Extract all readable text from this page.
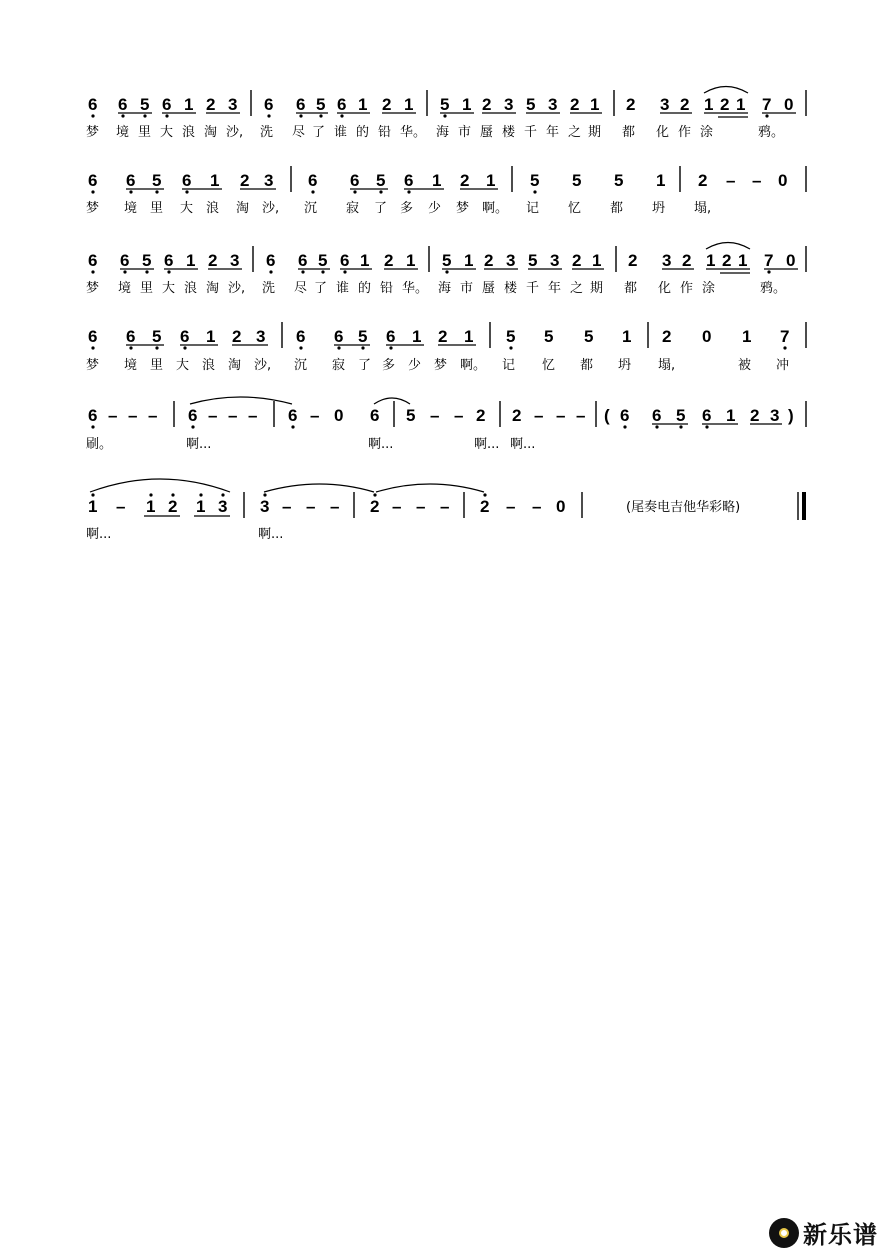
6 6 5 6 1 2 3 6 6 5 6 1 2 1 5 1 2 3 5 3 2 1 2 3 2 1 2 1 7 0
梦 境 里 大 浪 淘 沙, 洗 尽 了 谁 的 铅 华。 海 市 蜃 楼 千 年 之 期 都 化 作 涂	鸦。
6 6 5 6 1 2 3 6 6 5 6 1 2 1 5 5 5 1 2 – – 0
梦 境 里 大 浪 淘 沙, 沉 寂 了 多 少 梦 啊。 记 忆 都 坍 塌,
6 6 5 6 1 2 3 6 6 5 6 1 2 1 5 1 2 3 5 3 2 1 2 3 2 1 2 1 7 0
梦 境 里 大 浪 淘 沙, 洗 尽 了 谁 的 铅 华。 海 市 蜃 楼 千 年 之 期 都 化 作 涂	鸦。
6 6 5 6 1 2 3 6 6 5 6 1 2 1 5 5 5 1 2 0 1 7
梦 境 里 大 浪 淘 沙, 沉 寂 了 多 少 梦 啊。 记 忆 都 坍 塌,	被 冲
6 – – – 6 – – – 6 – 0 6 5 – – 2 2 – – – ( 6 6 5 6 1 2 3 )
刷。	啊...	啊...	啊... 啊...
1 – 1 2 1 3 3 – – – 2 – – – 2 – – 0	(尾奏电吉他华彩略)
啊...	啊...
新乐谱
